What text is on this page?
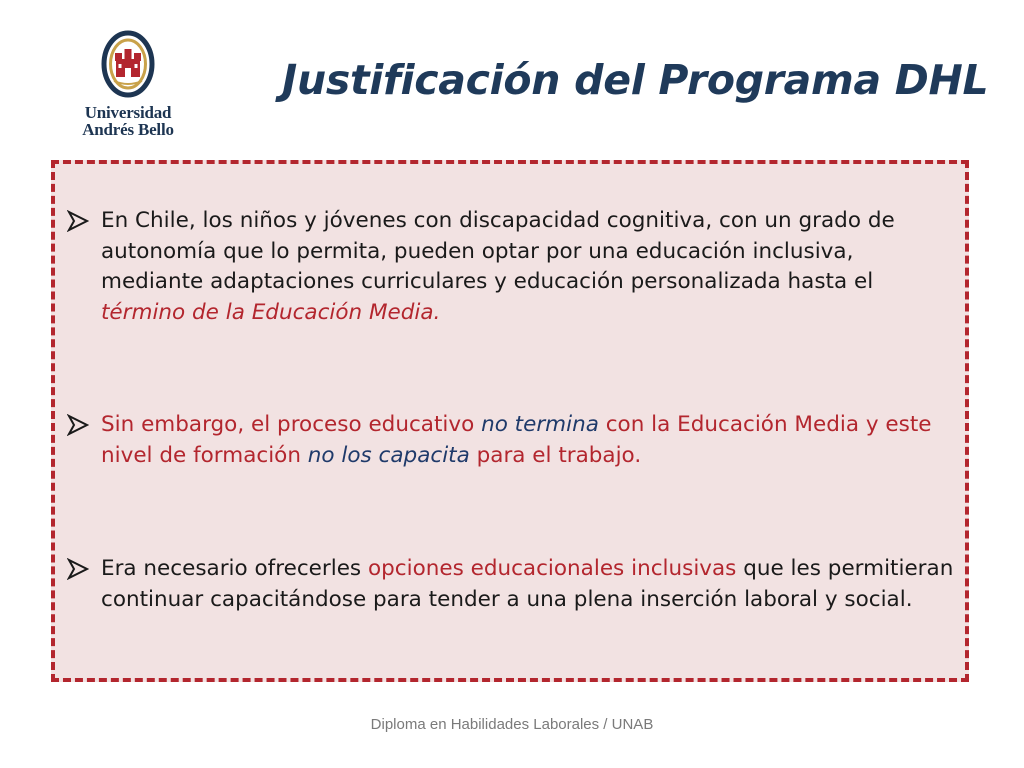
Universidad
Andrés Bello
Justificación del Programa DHL
En Chile, los niños y jóvenes con discapacidad cognitiva, con un grado de autonomía que lo permita, pueden optar por una educación inclusiva, mediante adaptaciones curriculares y educación personalizada hasta el término de la Educación Media.
Sin embargo, el proceso educativo no termina con la Educación Media y este nivel de formación no los capacita para el trabajo.
Era necesario ofrecerles opciones educacionales inclusivas que les permitieran continuar capacitándose para tender a una plena inserción laboral y social.
Diploma en Habilidades Laborales / UNAB
